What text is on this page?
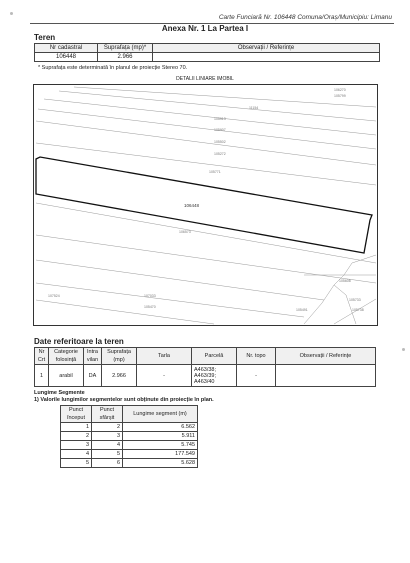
Carte Funciară Nr. 106448 Comuna/Oraș/Municipiu: Limanu
Anexa Nr. 1 La Partea I
Teren
Nr cadastral	Suprafața (mp)*	Observații / Referințe
106448	2.966	
* Suprafața este determinată în planul de proiecție Stereo 70.
DETALII LINIARE IMOBIL
106448
106270
105799
11154
105913
105907
105502
105272
105771
106573
105608
107524	107033
105470
105491	105738
105733
Date referitoare la teren
Nr Crt	Categorie folosință	Intra vilan	Suprafața (mp)	Tarla	Parcelă	Nr. topo	Observații / Referințe
1	arabil	DA	2.966	-	A463/38;
A463/39;
A463/40	-	
Lungime Segmente
1) Valorile lungimilor segmentelor sunt obținute din proiecție în plan.
Punct început	Punct sfârșit	Lungime segment (m)
1	2	6.562
2	3	5.911
3	4	5.745
4	5	177.549
5	6	5.628
